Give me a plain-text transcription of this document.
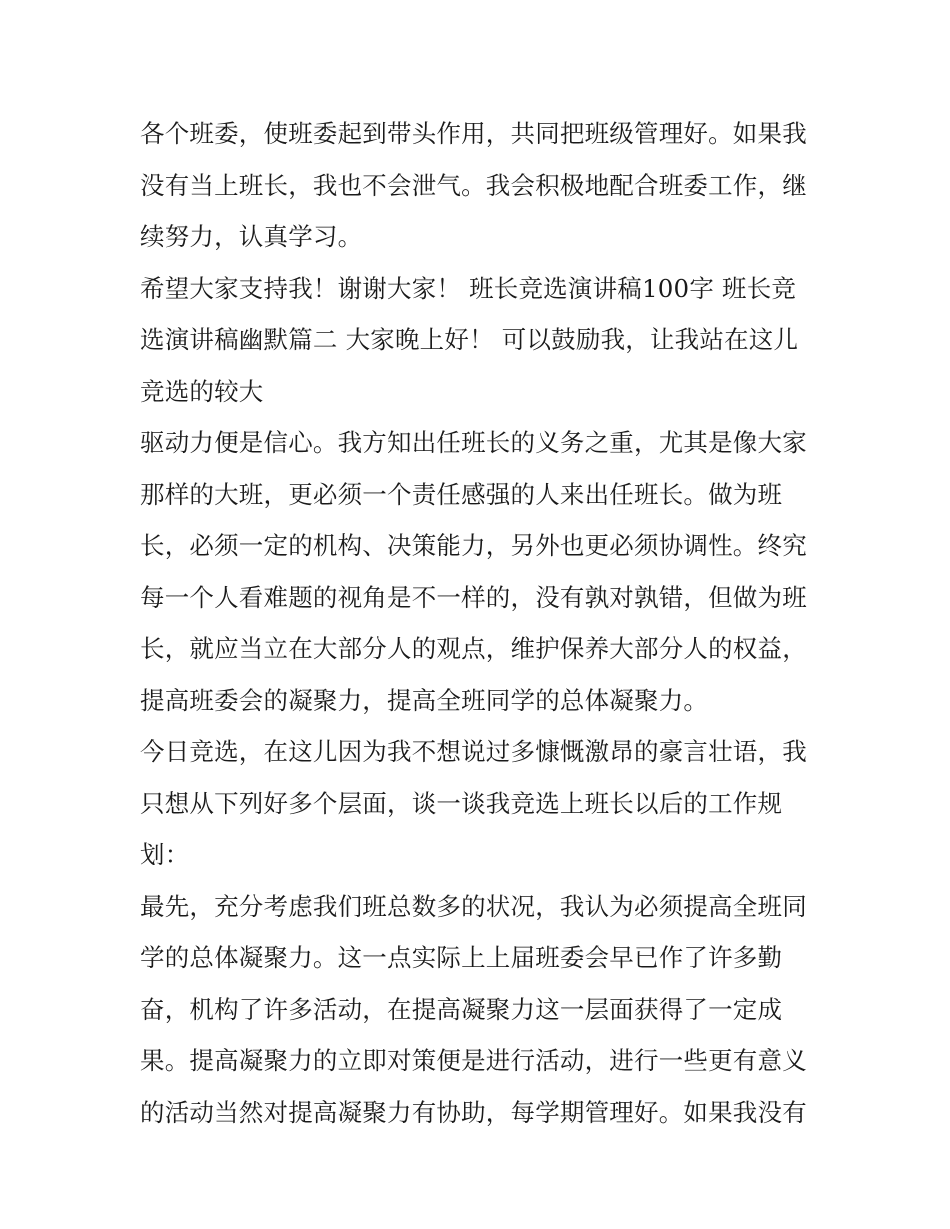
各个班委，使班委起到带头作用，共同把班级管理好。如果我没有当上班长，我也不会泄气。我会积极地配合班委工作，继续努力，认真学习。

希望大家支持我！谢谢大家！ 班长竞选演讲稿100字 班长竞选演讲稿幽默篇二 大家晚上好！ 可以鼓励我，让我站在这儿竞选的较大

驱动力便是信心。我方知出任班长的义务之重，尤其是像大家那样的大班，更必须一个责任感强的人来出任班长。做为班长，必须一定的机构、决策能力，另外也更必须协调性。终究每一个人看难题的视角是不一样的，没有孰对孰错，但做为班长，就应当立在大部分人的观点，维护保养大部分人的权益，提高班委会的凝聚力，提高全班同学的总体凝聚力。

今日竞选，在这儿因为我不想说过多慷慨激昂的豪言壮语，我只想从下列好多个层面，谈一谈我竞选上班长以后的工作规划：

最先，充分考虑我们班总数多的状况，我认为必须提高全班同学的总体凝聚力。这一点实际上上届班委会早已作了许多勤奋，机构了许多活动，在提高凝聚力这一层面获得了一定成果。提高凝聚力的立即对策便是进行活动，进行一些更有意义的活动当然对提高凝聚力有协助，每学期管理好。如果我没有
